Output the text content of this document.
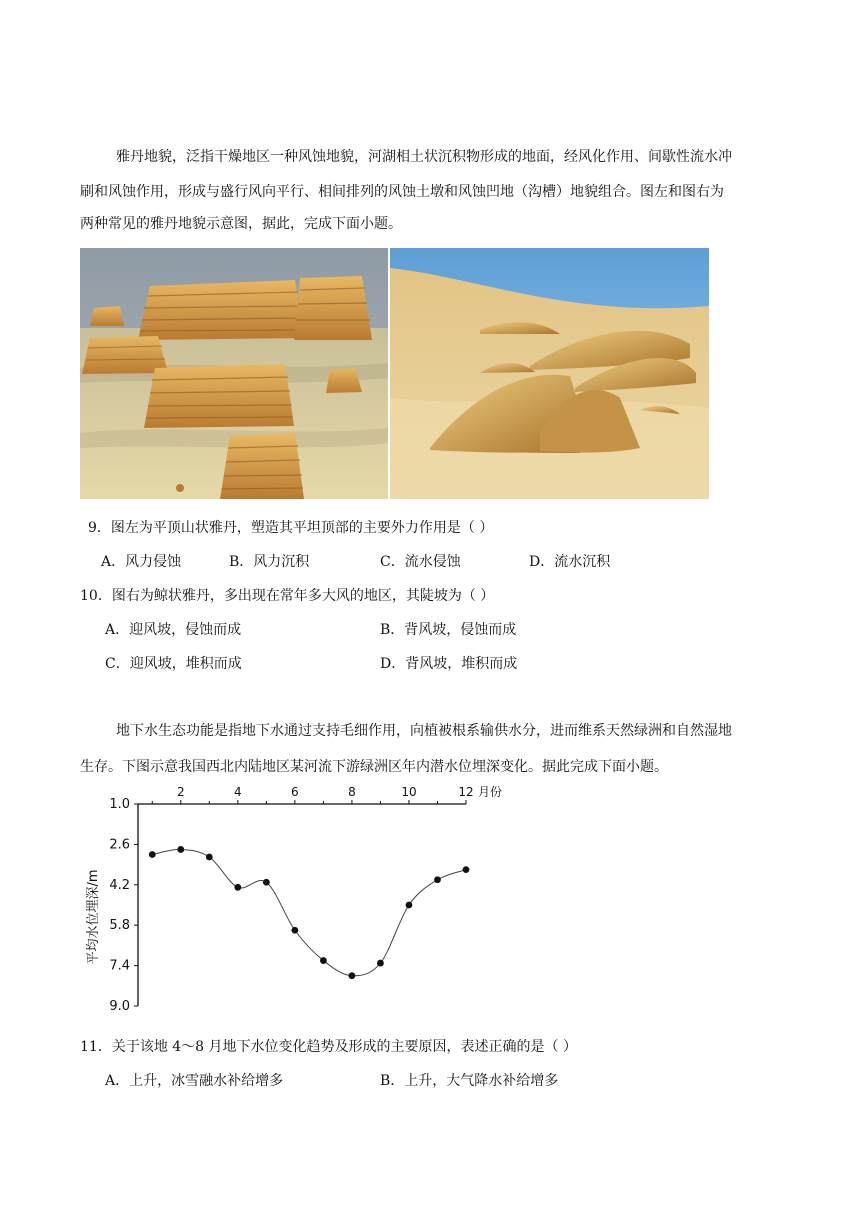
雅丹地貌，泛指干燥地区一种风蚀地貌，河湖相土状沉积物形成的地面，经风化作用、间歇性流水冲
刷和风蚀作用，形成与盛行风向平行、相间排列的风蚀土墩和风蚀凹地（沟槽）地貌组合。图左和图右为
两种常见的雅丹地貌示意图，据此，完成下面小题。
9．图左为平顶山状雅丹，塑造其平坦顶部的主要外力作用是（ ）
A．风力侵蚀	B．风力沉积	C．流水侵蚀	D．流水沉积
10．图右为鲸状雅丹，多出现在常年多大风的地区，其陡坡为（ ）
A．迎风坡，侵蚀而成	B．背风坡，侵蚀而成
C．迎风坡，堆积而成	D．背风坡，堆积而成
地下水生态功能是指地下水通过支持毛细作用，向植被根系输供水分，进而维系天然绿洲和自然湿地
生存。下图示意我国西北内陆地区某河流下游绿洲区年内潜水位埋深变化。据此完成下面小题。
2	4	6	8	10	12 月份
1.0
2.6
4.2
5.8
7.4
9.0
平均水位埋深/m
11．关于该地 4～8 月地下水位变化趋势及形成的主要原因，表述正确的是（ ）
A．上升，冰雪融水补给增多	B．上升，大气降水补给增多
